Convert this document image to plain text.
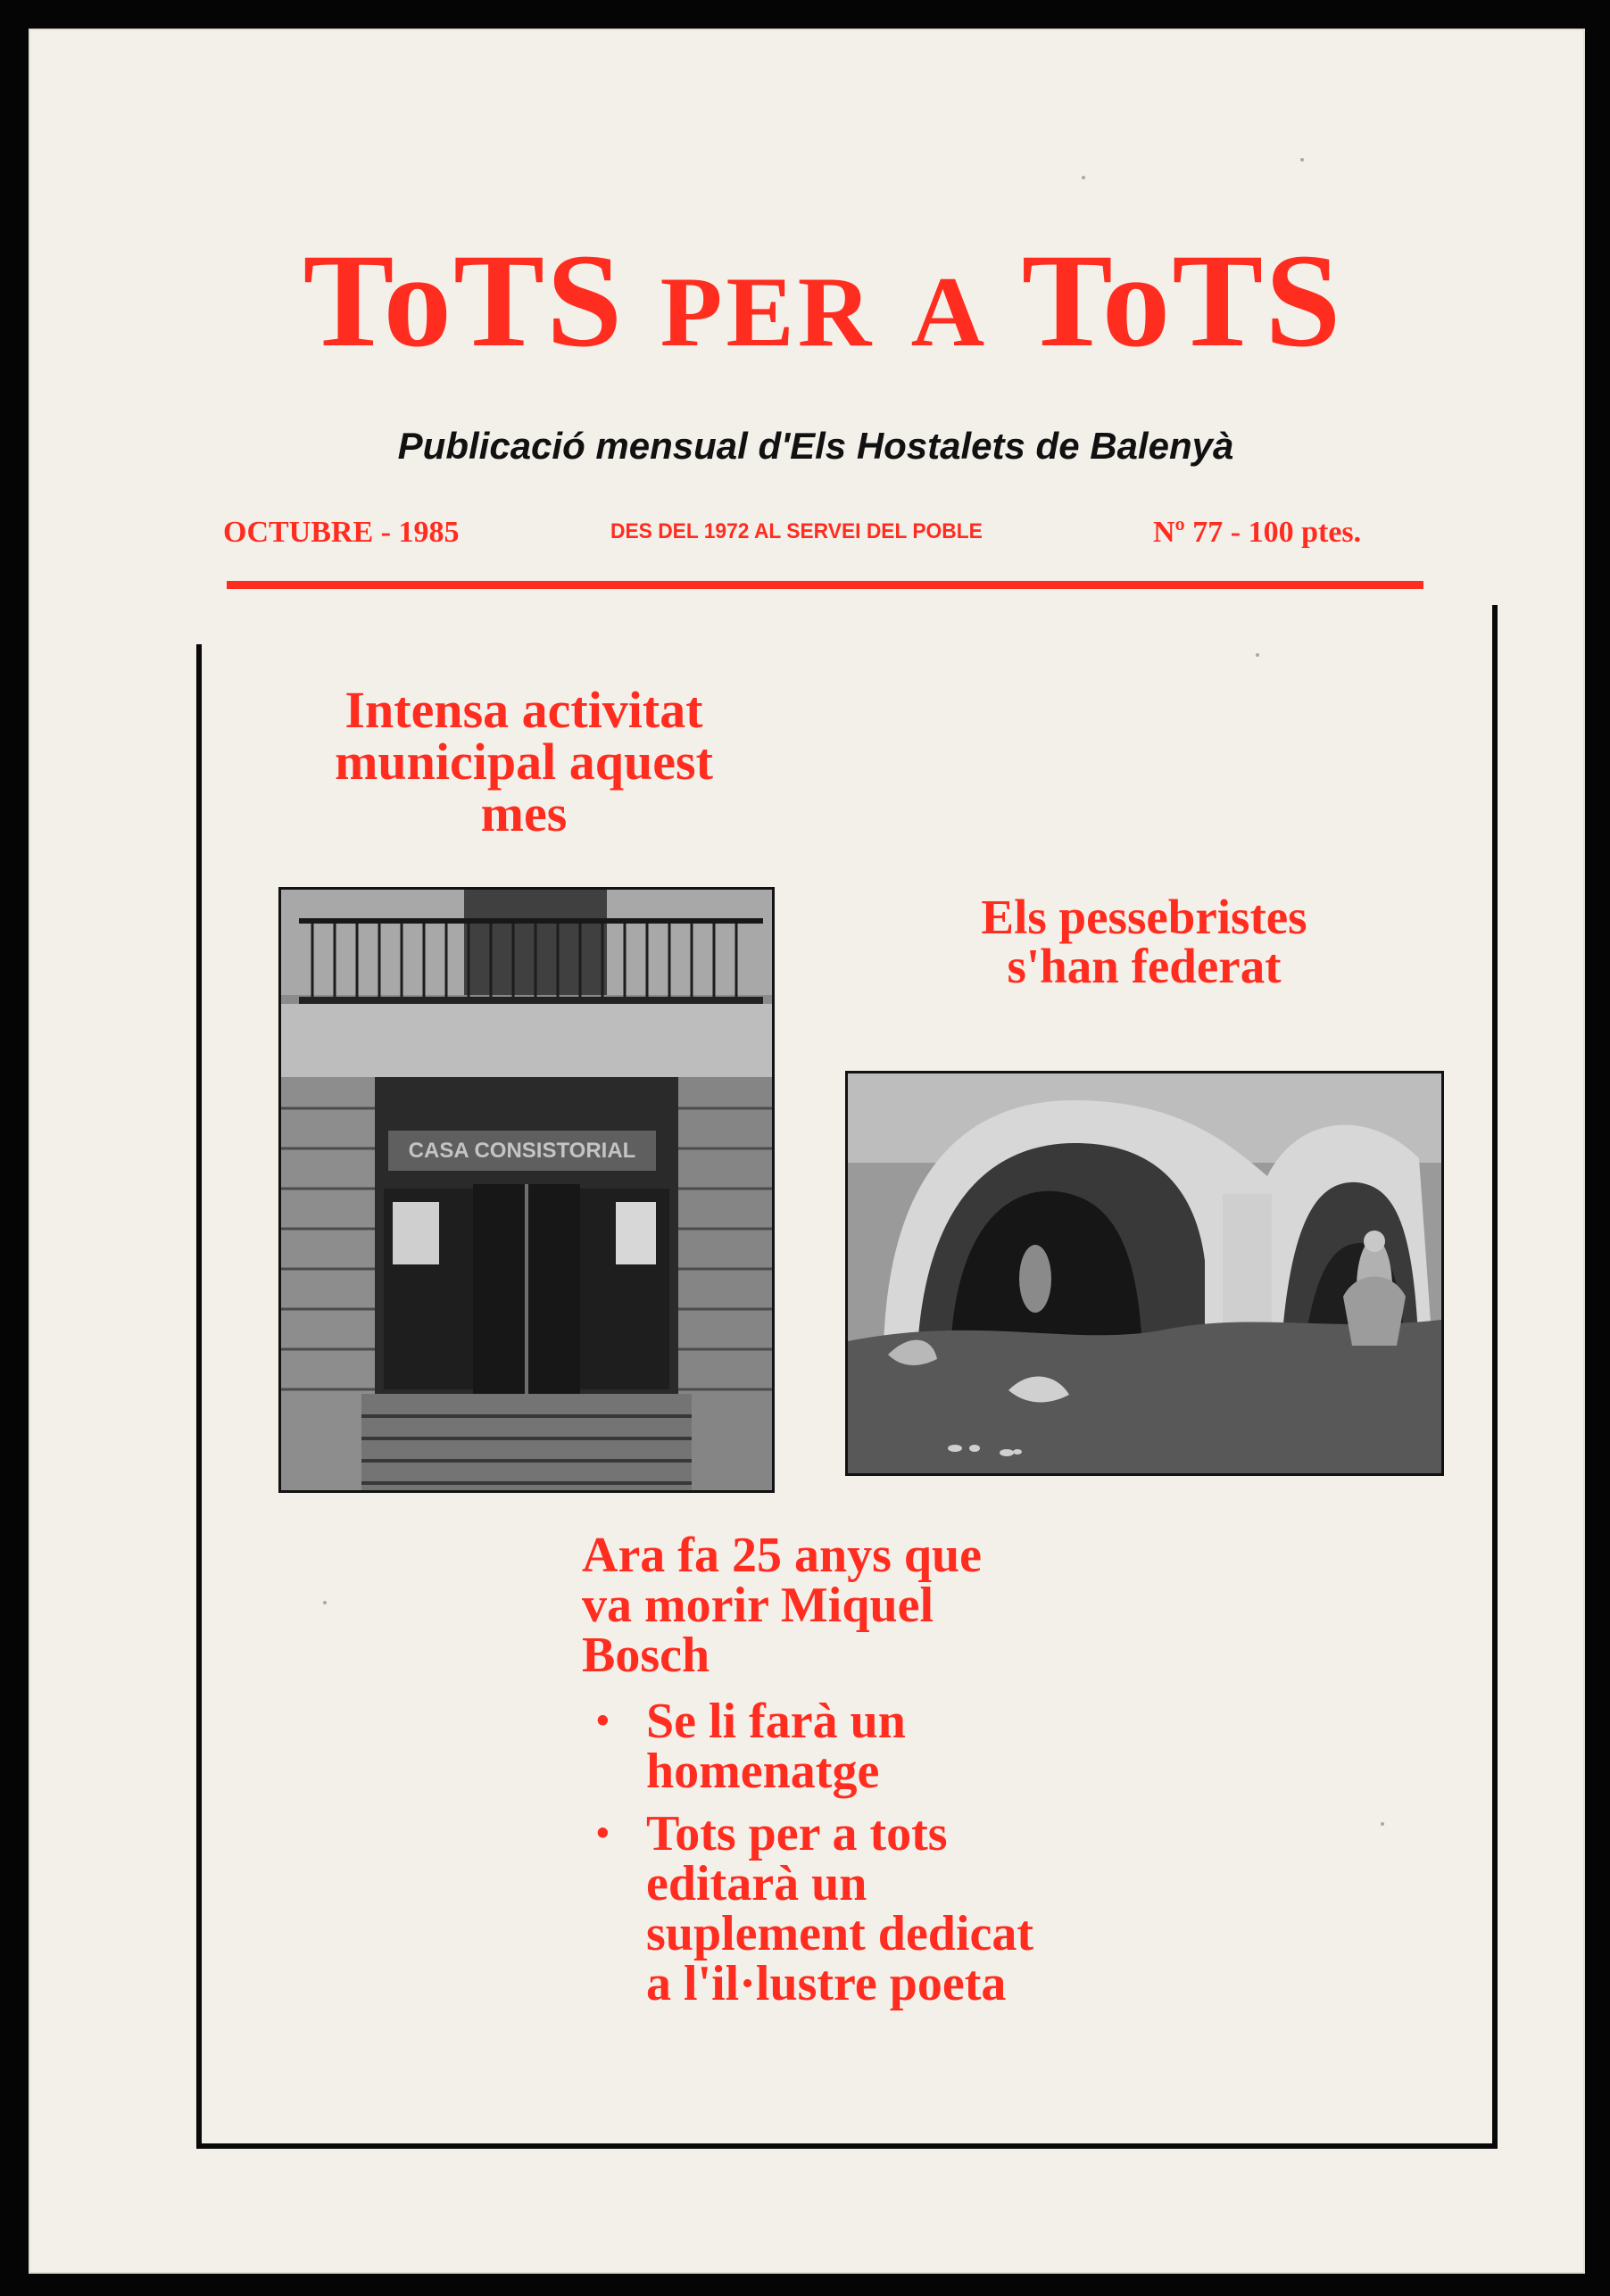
ToTS PER A ToTS
Publicació mensual d'Els Hostalets de Balenyà
OCTUBRE - 1985	DES DEL 1972 AL SERVEI DEL POBLE	Nº 77 - 100 ptes.
Intensa activitat
municipal aquest
mes
CASA CONSISTORIAL
Els pessebristes
s'han federat
Ara fa 25 anys que
va morir Miquel
Bosch
• Se li farà un
homenatge
• Tots per a tots
editarà un
suplement dedicat
a l'il·lustre poeta
